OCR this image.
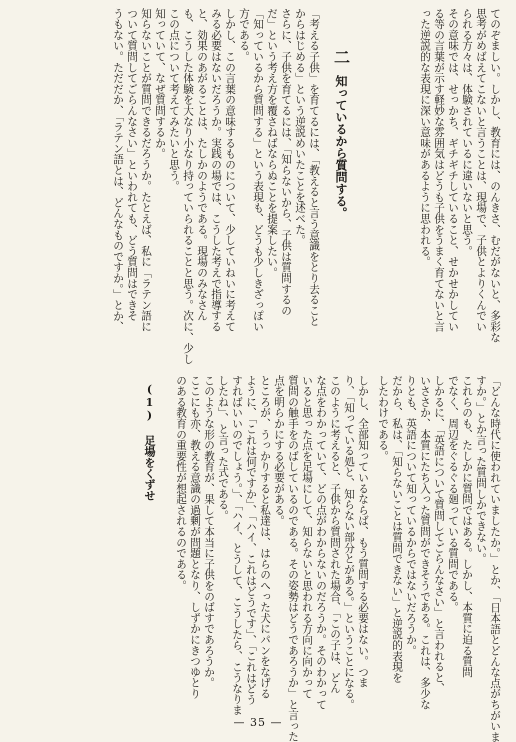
てのぞましい。しかし、教育には、のんきさ、むだがないと、多彩な
思考がめばえてこないと言うことは、現場で、子供とよりくんでい
られる方々は、体験されているに違いないと思う。
その意味では、せっかち、ギチギチしていること、せかせかしてい
る等の言葉が示す軽妙な雰囲気はどうも子供をうまく育てないと言
った逆説的な表現に深い意味があるように思われる。
二
知っているから質問する。
「考える子供」を育てるには、「教えると言う意識をとり去ること
からはじめる」という逆説めいたことを述べた。
さらに、子供を育てるには、「知らないから、子供は質問するの
だ」という考え方を覆さねばならぬことを提案したい。
「知っているから質問する」という表現も、どうも少しきざっぽい
方である。
しかし、この言葉の意味するものについて、少していねいに考えて
みる必要はないだろうか。実践の場では、こうした考えで指導する
と、効果のあがることは、たしかのようである。現場のみなさん
も、こうした体験を大なり小なり持っていられることと思う。次に、少し
この点について考えてみたいと思う。
知っていて、なぜ質問するか。
知らないことが質問できるだろうか。たとえば、私に「ラテン語に
ついて質問してごらんなさい」といわれても、どう質問はできそ
うもない。ただだか、「ラテン語とは、どんなものですか。」とか、
「どんな時代に使われていましたか。」とか、「日本語とどんな点がちがいま
すか。」とか言った質問しかできない。
これらのも、たしかに質問ではある。しかし、本質に迫る質問
でなく、周辺をぐるぐる廻っている質問である。
しかるに、「英語について質問してごらんなさい」と言われると、
いささか、本質にたち入った質問ができそうである。これは、多少な
りとも、英語について知っているからではないだろうか。
だから、私は、「知らないことは質問できない」と逆説的表現を
したわけである。
しかし、全部知っているならば、もう質問する必要はない。つま
り、「知っている処と、知らない部分とがある。」ということになる。
このように考えると、子供から質問された場合、「この子は、どん
な点をわかっていて、どの点がわからないのだろうか。そのわかって
いると思った点を足場にして、知らないと思われる方向に向かって
質問の触手をのばしているのである。その姿勢はどうであろうか」と言った
点を明らかにする必要がある。
ところが、うっかりすると私達は、はらのへった犬にパンをなげる
ように、「これは何ですか」、「ハイ、これはどうです」、「これはどう
すればいいのでしょう。」、「ハイ、とうして、こうしたら、こうなりま
したね」、と言った式である。
このような形の教育が、果して本当に子供をのばすであろうか。
ここにも亦、教える意識の過剰が問題となり、しずかにきつゆとり
のある教育の重要性が想起されるのである。
(1) 足場をくずせ
— 35 —
